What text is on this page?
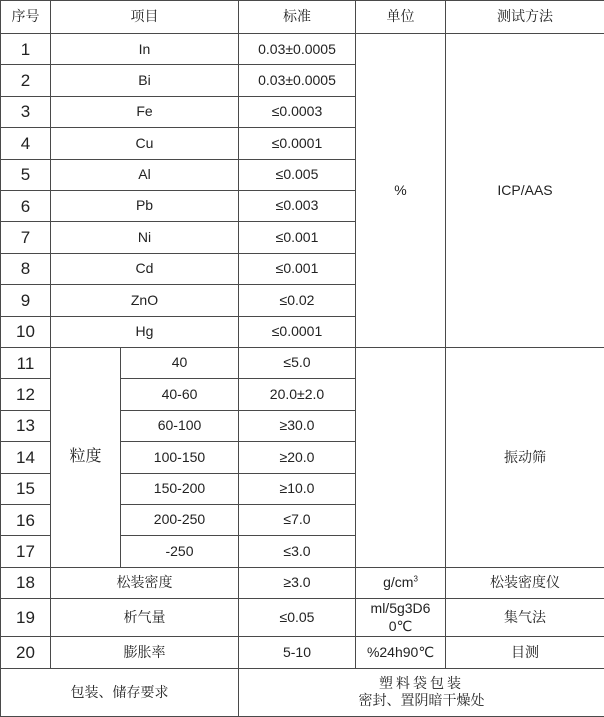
序号	项目		标准	单位	测试方法
1	In		0.03±0.0005	%	ICP/AAS
2	Bi		0.03±0.0005		
3	Fe		≤0.0003		
4	Cu		≤0.0001		
5	Al		≤0.005		
6	Pb		≤0.003		
7	Ni		≤0.001		
8	Cd		≤0.001		
9	ZnO		≤0.02		
10	Hg		≤0.0001		
11	粒度	40	≤5.0		振动筛
12		40-60	20.0±2.0		
13		60-100	≥30.0		
14		100-150	≥20.0		
15		150-200	≥10.0		
16		200-250	≤7.0		
17		-250	≤3.0		
18	松装密度		≥3.0	$g/cm^3$	松装密度仪
19	析气量		≤0.05	ml/5g3D60℃	集气法
20	膨胀率		5-10	%24h90℃	目测
包装、储存要求			塑料袋包装
密封、置阴暗干燥处		
